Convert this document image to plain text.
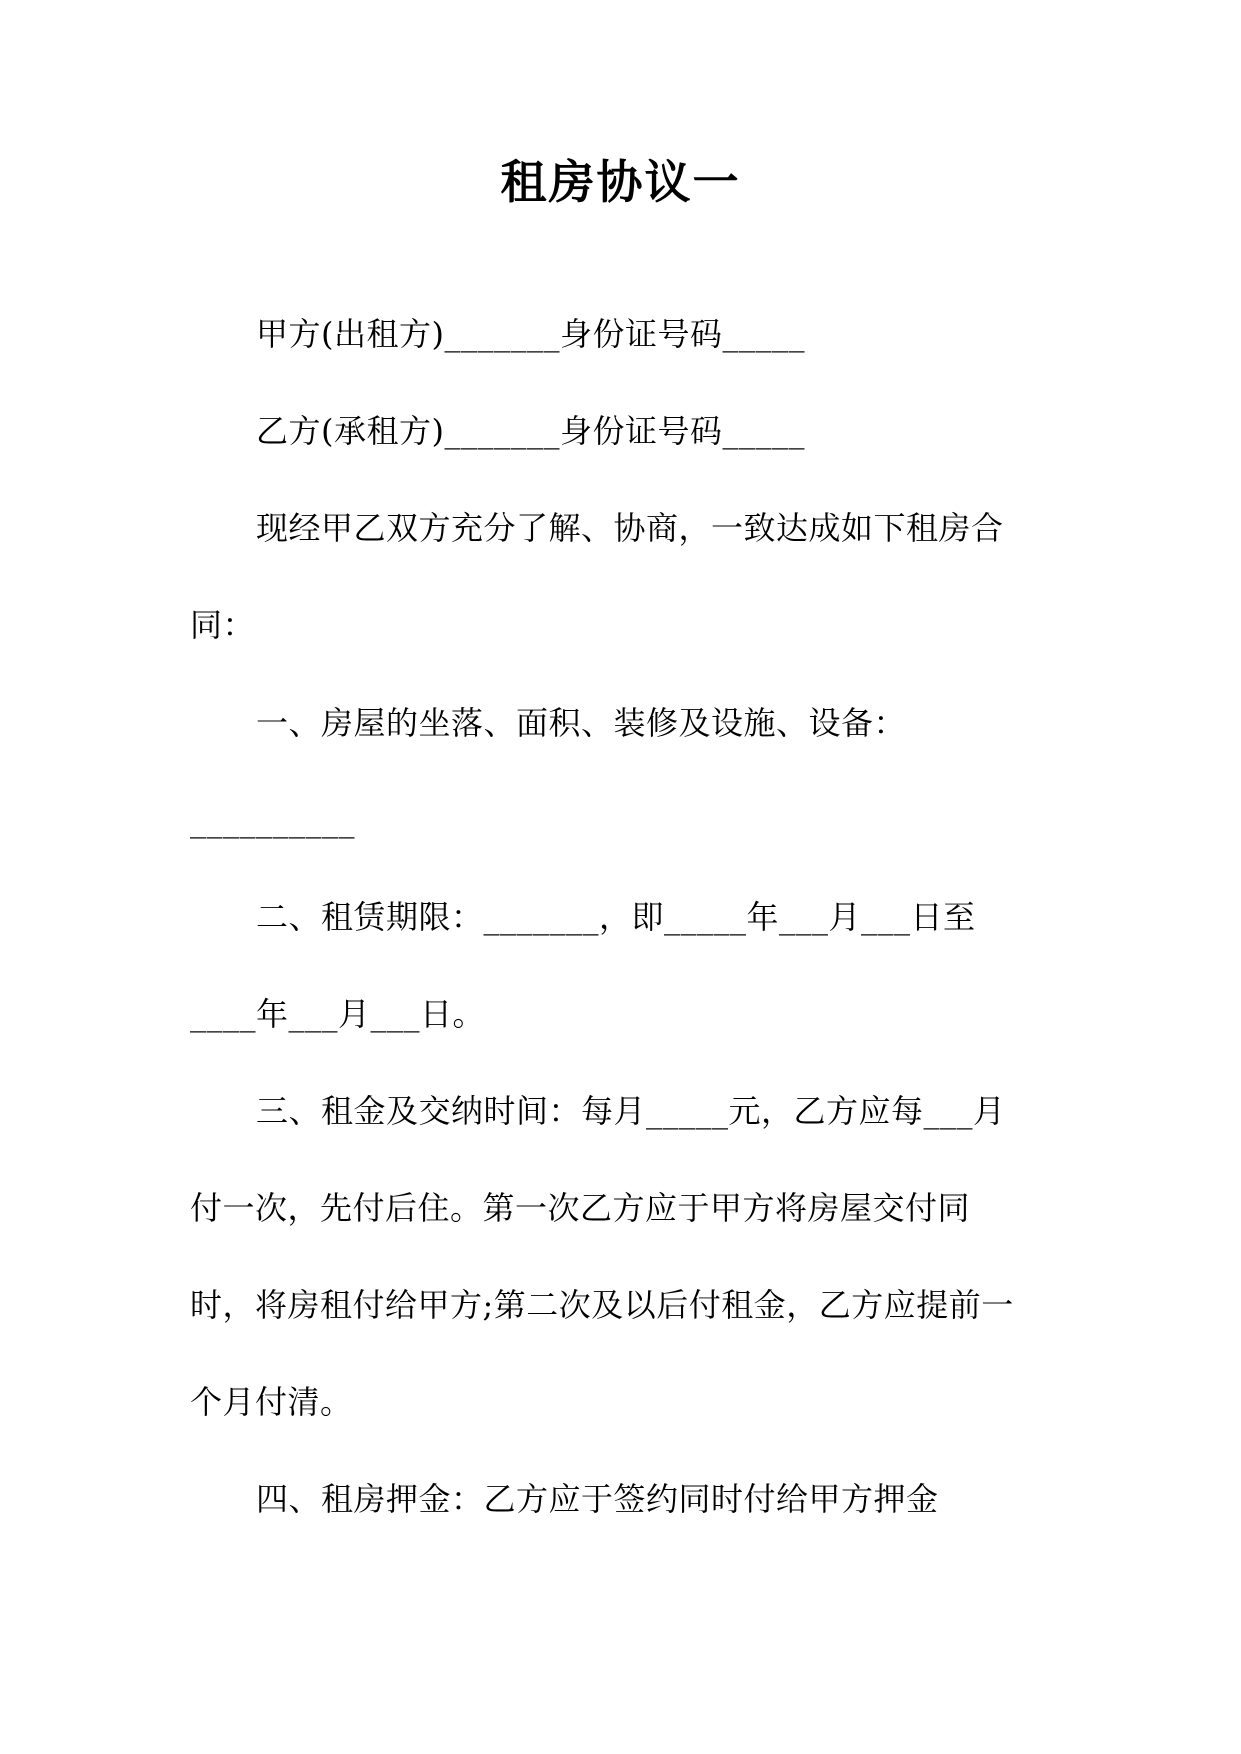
租房协议一
甲方(出租方)_______身份证号码_____
乙方(承租方)_______身份证号码_____
现经甲乙双方充分了解、协商，一致达成如下租房合
同：
一、房屋的坐落、面积、装修及设施、设备：
__________
二、租赁期限：_______，即_____年___月___日至
____年___月___日。
三、租金及交纳时间：每月_____元，乙方应每___月
付一次，先付后住。第一次乙方应于甲方将房屋交付同
时，将房租付给甲方;第二次及以后付租金，乙方应提前一
个月付清。
四、租房押金：乙方应于签约同时付给甲方押金
